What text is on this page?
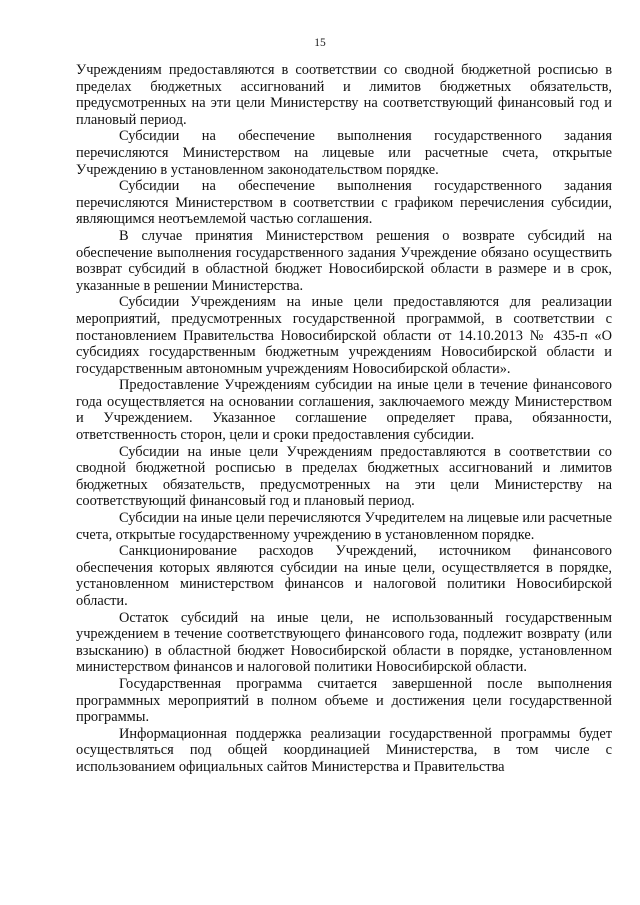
15

Учреждениям предоставляются в соответствии со сводной бюджетной росписью в пределах бюджетных ассигнований и лимитов бюджетных обязательств, предусмотренных на эти цели Министерству на соответствующий финансовый год и плановый период.

Субсидии на обеспечение выполнения государственного задания перечисляются Министерством на лицевые или расчетные счета, открытые Учреждению в установленном законодательством порядке.

Субсидии на обеспечение выполнения государственного задания перечисляются Министерством в соответствии с графиком перечисления субсидии, являющимся неотъемлемой частью соглашения.

В случае принятия Министерством решения о возврате субсидий на обеспечение выполнения государственного задания Учреждение обязано осуществить возврат субсидий в областной бюджет Новосибирской области в размере и в срок, указанные в решении Министерства.

Субсидии Учреждениям на иные цели предоставляются для реализации мероприятий, предусмотренных государственной программой, в соответствии с постановлением Правительства Новосибирской области от 14.10.2013 № 435-п «О субсидиях государственным бюджетным учреждениям Новосибирской области и государственным автономным учреждениям Новосибирской области».

Предоставление Учреждениям субсидии на иные цели в течение финансового года осуществляется на основании соглашения, заключаемого между Министерством и Учреждением. Указанное соглашение определяет права, обязанности, ответственность сторон, цели и сроки предоставления субсидии.

Субсидии на иные цели Учреждениям предоставляются в соответствии со сводной бюджетной росписью в пределах бюджетных ассигнований и лимитов бюджетных обязательств, предусмотренных на эти цели Министерству на соответствующий финансовый год и плановый период.

Субсидии на иные цели перечисляются Учредителем на лицевые или расчетные счета, открытые государственному учреждению в установленном порядке.

Санкционирование расходов Учреждений, источником финансового обеспечения которых являются субсидии на иные цели, осуществляется в порядке, установленном министерством финансов и налоговой политики Новосибирской области.

Остаток субсидий на иные цели, не использованный государственным учреждением в течение соответствующего финансового года, подлежит возврату (или взысканию) в областной бюджет Новосибирской области в порядке, установленном министерством финансов и налоговой политики Новосибирской области.

Государственная программа считается завершенной после выполнения программных мероприятий в полном объеме и достижения цели государственной программы.

Информационная поддержка реализации государственной программы будет осуществляться под общей координацией Министерства, в том числе с использованием официальных сайтов Министерства и Правительства
